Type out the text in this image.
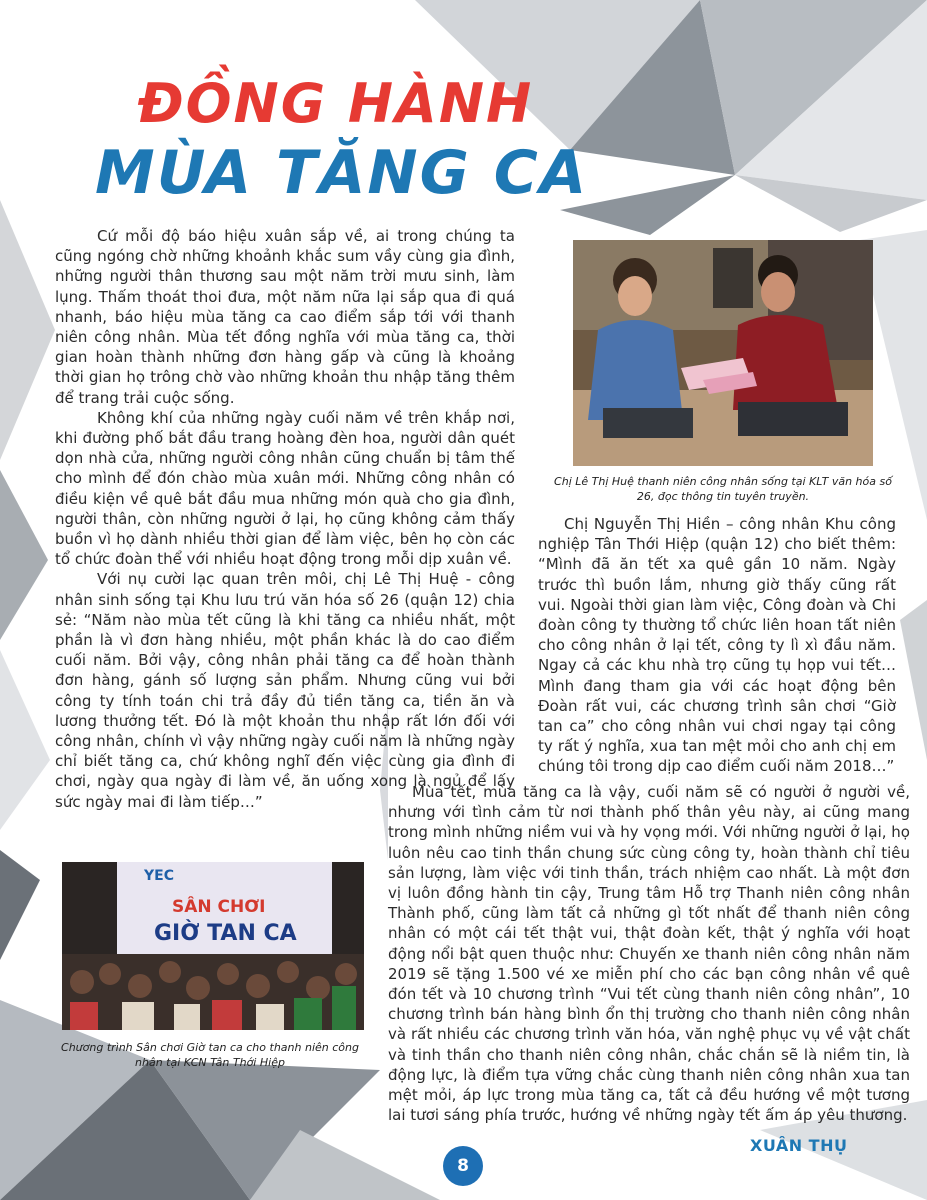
ĐỒNG HÀNH
MÙA TĂNG CA

Cứ mỗi độ báo hiệu xuân sắp về, ai trong chúng ta cũng ngóng chờ những khoảnh khắc sum vầy cùng gia đình, những người thân thương sau một năm trời mưu sinh, làm lụng. Thấm thoát thoi đưa, một năm nữa lại sắp qua đi quá nhanh, báo hiệu mùa tăng ca cao điểm sắp tới với thanh niên công nhân. Mùa tết đồng nghĩa với mùa tăng ca, thời gian hoàn thành những đơn hàng gấp và cũng là khoảng thời gian họ trông chờ vào những khoản thu nhập tăng thêm để trang trải cuộc sống.

Không khí của những ngày cuối năm về trên khắp nơi, khi đường phố bắt đầu trang hoàng đèn hoa, người dân quét dọn nhà cửa, những người công nhân cũng chuẩn bị tâm thế cho mình để đón chào mùa xuân mới. Những công nhân có điều kiện về quê bắt đầu mua những món quà cho gia đình, người thân, còn những người ở lại, họ cũng không cảm thấy buồn vì họ dành nhiều thời gian để làm việc, bên họ còn các tổ chức đoàn thể với nhiều hoạt động trong mỗi dịp xuân về.

Với nụ cười lạc quan trên môi, chị Lê Thị Huệ - công nhân sinh sống tại Khu lưu trú văn hóa số 26 (quận 12) chia sẻ: “Năm nào mùa tết cũng là khi tăng ca nhiều nhất, một phần là vì đơn hàng nhiều, một phần khác là do cao điểm cuối năm. Bởi vậy, công nhân phải tăng ca để hoàn thành đơn hàng, gánh số lượng sản phẩm. Nhưng cũng vui bởi công ty tính toán chi trả đầy đủ tiền tăng ca, tiền ăn và lương thưởng tết. Đó là một khoản thu nhập rất lớn đối với công nhân, chính vì vậy những ngày cuối năm là những ngày chỉ biết tăng ca, chứ không nghĩ đến việc cùng gia đình đi chơi, ngày qua ngày đi làm về, ăn uống xong là ngủ để lấy sức ngày mai đi làm tiếp…”

Chị Lê Thị Huệ thanh niên công nhân sống tại KLT văn hóa số 26, đọc thông tin tuyên truyền.

Chị Nguyễn Thị Hiền – công nhân Khu công nghiệp Tân Thới Hiệp (quận 12) cho biết thêm: “Mình đã ăn tết xa quê gần 10 năm. Ngày trước thì buồn lắm, nhưng giờ thấy cũng rất vui. Ngoài thời gian làm việc, Công đoàn và Chi đoàn công ty thường tổ chức liên hoan tất niên cho công nhân ở lại tết, công ty lì xì đầu năm. Ngay cả các khu nhà trọ cũng tụ họp vui tết… Mình đang tham gia với các hoạt động bên Đoàn rất vui, các chương trình sân chơi “Giờ tan ca” cho công nhân vui chơi ngay tại công ty rất ý nghĩa, xua tan mệt mỏi cho anh chị em chúng tôi trong dịp cao điểm cuối năm 2018…”

Mùa tết, mùa tăng ca là vậy, cuối năm sẽ có người ở người về, nhưng với tình cảm từ nơi thành phố thân yêu này, ai cũng mang trong mình những niềm vui và hy vọng mới. Với những người ở lại, họ luôn nêu cao tinh thần chung sức cùng công ty, hoàn thành chỉ tiêu sản lượng, làm việc với tinh thần, trách nhiệm cao nhất. Là một đơn vị luôn đồng hành tin cậy, Trung tâm Hỗ trợ Thanh niên công nhân Thành phố, cũng làm tất cả những gì tốt nhất để thanh niên công nhân có một cái tết thật vui, thật đoàn kết, thật ý nghĩa với hoạt động nổi bật quen thuộc như: Chuyến xe thanh niên công nhân năm 2019 sẽ tặng 1.500 vé xe miễn phí cho các bạn công nhân về quê đón tết và 10 chương trình “Vui tết cùng thanh niên công nhân”, 10 chương trình bán hàng bình ổn thị trường cho thanh niên công nhân và rất nhiều các chương trình văn hóa, văn nghệ phục vụ về vật chất và tinh thần cho thanh niên công nhân, chắc chắn sẽ là niềm tin, là động lực, là điểm tựa vững chắc cùng thanh niên công nhân xua tan mệt mỏi, áp lực trong mùa tăng ca, tất cả đều hướng về một tương lai tươi sáng phía trước, hướng về những ngày tết ấm áp yêu thương.

YEC
SÂN CHƠI
GIỜ TAN CA
Chương trình Sân chơi Giờ tan ca cho thanh niên công nhân tại KCN Tân Thới Hiệp
XUÂN THỤ
8
